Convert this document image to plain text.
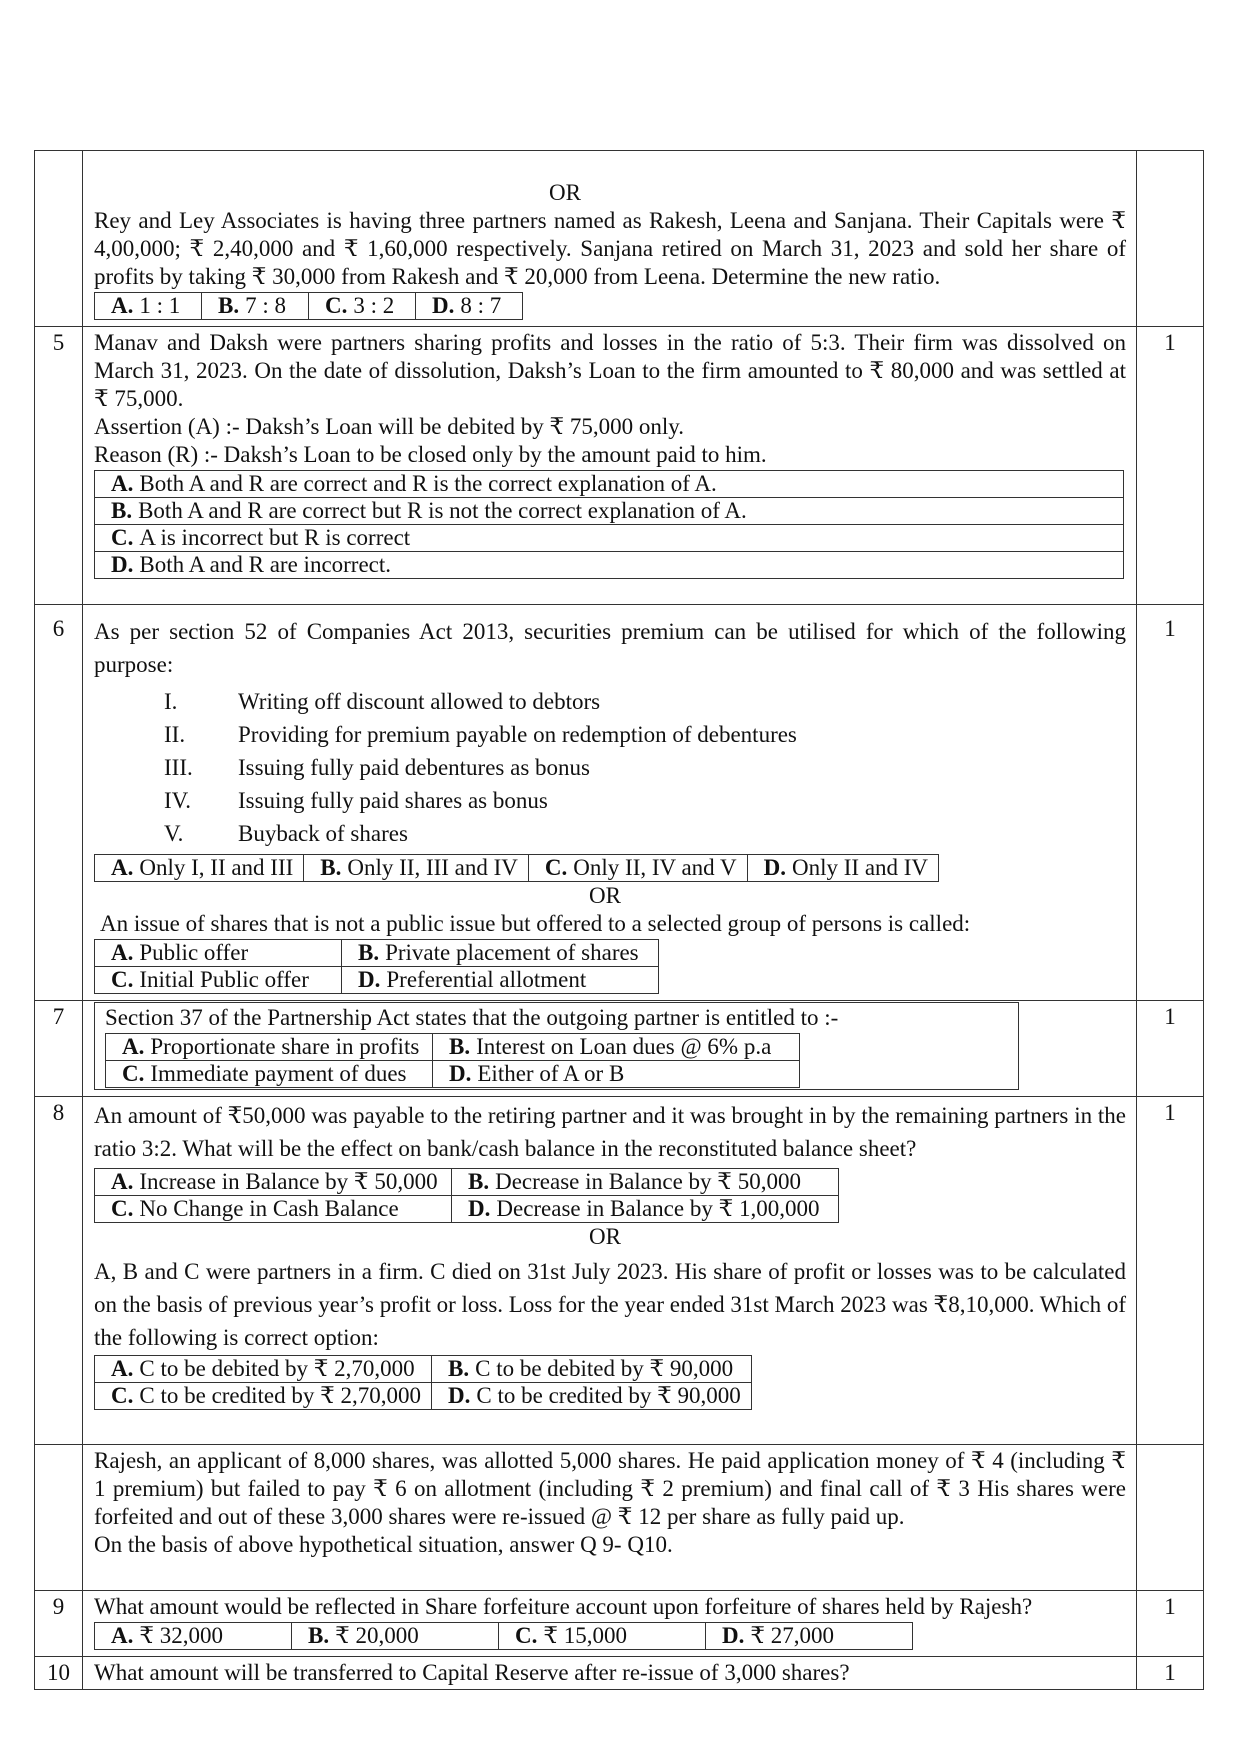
OR
Rey and Ley Associates is having three partners named as Rakesh, Leena and Sanjana. Their Capitals were ₹ 4,00,000; ₹ 2,40,000 and ₹ 1,60,000 respectively. Sanjana retired on March 31, 2023 and sold her share of profits by taking ₹ 30,000 from Rakesh and ₹ 20,000 from Leena. Determine the new ratio.
A. 1 : 1	B. 7 : 8	C. 3 : 2	D. 8 : 7

5	Manav and Daksh were partners sharing profits and losses in the ratio of 5:3. Their firm was dissolved on March 31, 2023. On the date of dissolution, Daksh’s Loan to the firm amounted to ₹ 80,000 and was settled at ₹ 75,000.
Assertion (A) :- Daksh’s Loan will be debited by ₹ 75,000 only.
Reason (R) :- Daksh’s Loan to be closed only by the amount paid to him.
A. Both A and R are correct and R is the correct explanation of A.
B. Both A and R are correct but R is not the correct explanation of A.
C. A is incorrect but R is correct
D. Both A and R are incorrect.
	1
6	As per section 52 of Companies Act 2013, securities premium can be utilised for which of the following purpose:
I.	Writing off discount allowed to debtors
II.	Providing for premium payable on redemption of debentures
III.	Issuing fully paid debentures as bonus
IV.	Issuing fully paid shares as bonus
V.	Buyback of shares
A. Only I, II and III	B. Only II, III and IV	C. Only II, IV and V	D. Only II and IV
OR
An issue of shares that is not a public issue but offered to a selected group of persons is called:
A. Public offer	B. Private placement of shares
C. Initial Public offer	D. Preferential allotment
	1
7	Section 37 of the Partnership Act states that the outgoing partner is entitled to :-
A. Proportionate share in profits	B. Interest on Loan dues @ 6% p.a
C. Immediate payment of dues	D. Either of A or B
	1
8	An amount of ₹50,000 was payable to the retiring partner and it was brought in by the remaining partners in the ratio 3:2. What will be the effect on bank/cash balance in the reconstituted balance sheet?
A. Increase in Balance by ₹ 50,000	B. Decrease in Balance by ₹ 50,000
C. No Change in Cash Balance	D. Decrease in Balance by ₹ 1,00,000
OR
A, B and C were partners in a firm. C died on 31st July 2023. His share of profit or losses was to be calculated on the basis of previous year’s profit or loss. Loss for the year ended 31st March 2023 was ₹8,10,000. Which of the following is correct option:
A. C to be debited by ₹ 2,70,000	B. C to be debited by ₹ 90,000
C. C to be credited by ₹ 2,70,000	D. C to be credited by ₹ 90,000
	1

Rajesh, an applicant of 8,000 shares, was allotted 5,000 shares. He paid application money of ₹ 4 (including ₹ 1 premium) but failed to pay ₹ 6 on allotment (including ₹ 2 premium) and final call of ₹ 3 His shares were forfeited and out of these 3,000 shares were re-issued @ ₹ 12 per share as fully paid up.
On the basis of above hypothetical situation, answer Q 9- Q10.

9	What amount would be reflected in Share forfeiture account upon forfeiture of shares held by Rajesh?
A. ₹ 32,000	B. ₹ 20,000	C. ₹ 15,000	D. ₹ 27,000
	1
10	What amount will be transferred to Capital Reserve after re-issue of 3,000 shares?	1
